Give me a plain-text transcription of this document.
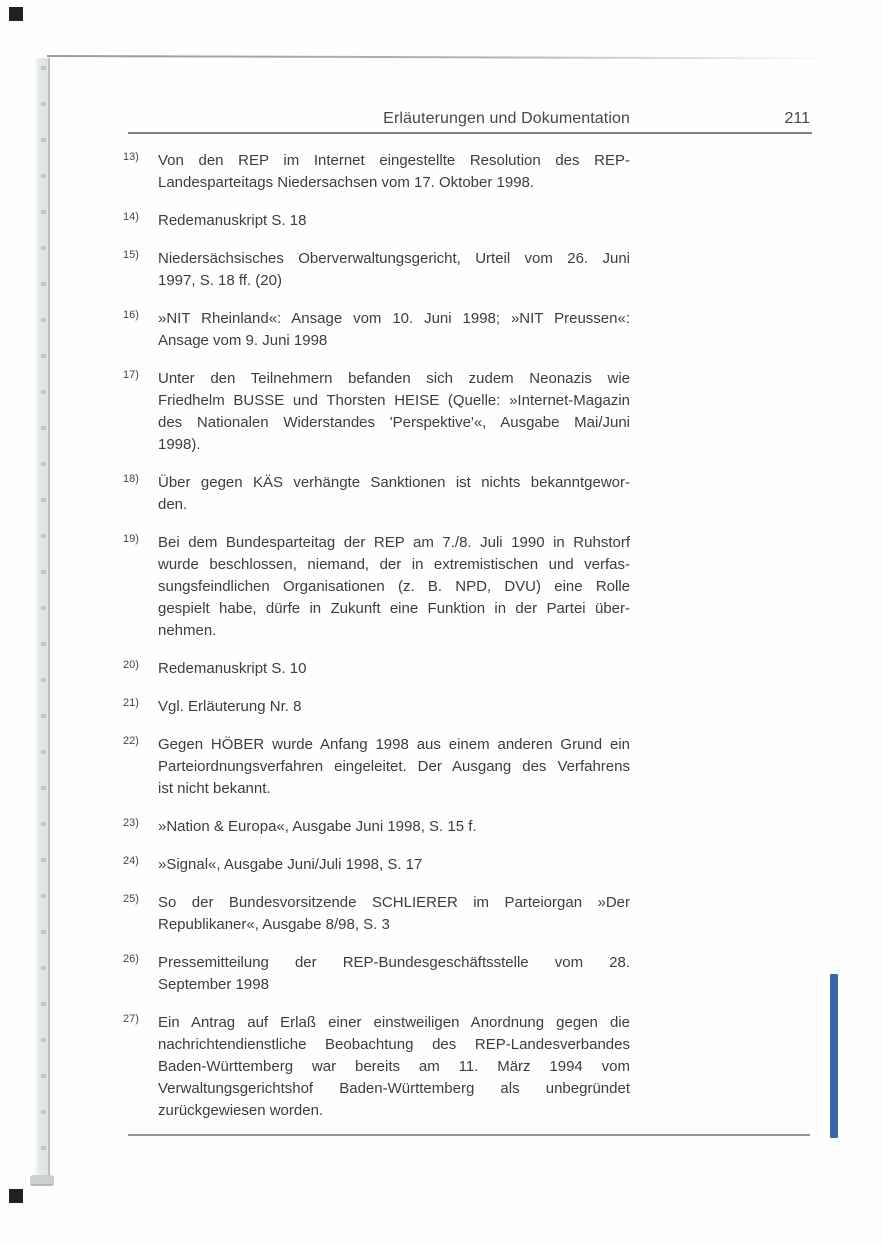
Erläuterungen und Dokumentation	211
13)	Von den REP im Internet eingestellte Resolution des REP-
Landesparteitags Niedersachsen vom 17. Oktober 1998.
14)	Redemanuskript S. 18
15)	Niedersächsisches Oberverwaltungsgericht, Urteil vom 26. Juni
1997, S. 18 ff. (20)
16)	»NIT Rheinland«: Ansage vom 10. Juni 1998; »NIT Preussen«:
Ansage vom 9. Juni 1998
17)	Unter den Teilnehmern befanden sich zudem Neonazis wie
Friedhelm BUSSE und Thorsten HEISE (Quelle: »Internet-Magazin
des Nationalen Widerstandes 'Perspektive'«, Ausgabe Mai/Juni
1998).
18)	Über gegen KÄS verhängte Sanktionen ist nichts bekanntgewor-
den.
19)	Bei dem Bundesparteitag der REP am 7./8. Juli 1990 in Ruhstorf
wurde beschlossen, niemand, der in extremistischen und verfas-
sungsfeindlichen Organisationen (z. B. NPD, DVU) eine Rolle
gespielt habe, dürfe in Zukunft eine Funktion in der Partei über-
nehmen.
20)	Redemanuskript S. 10
21)	Vgl. Erläuterung Nr. 8
22)	Gegen HÖBER wurde Anfang 1998 aus einem anderen Grund ein
Parteiordnungsverfahren eingeleitet. Der Ausgang des Verfahrens
ist nicht bekannt.
23)	»Nation & Europa«, Ausgabe Juni 1998, S. 15 f.
24)	»Signal«, Ausgabe Juni/Juli 1998, S. 17
25)	So der Bundesvorsitzende SCHLIERER im Parteiorgan »Der
Republikaner«, Ausgabe 8/98, S. 3
26)	Pressemitteilung der REP-Bundesgeschäftsstelle vom 28.
September 1998
27)	Ein Antrag auf Erlaß einer einstweiligen Anordnung gegen die
nachrichtendienstliche Beobachtung des REP-Landesverbandes
Baden-Württemberg war bereits am 11. März 1994 vom
Verwaltungsgerichtshof Baden-Württemberg als unbegründet
zurückgewiesen worden.
